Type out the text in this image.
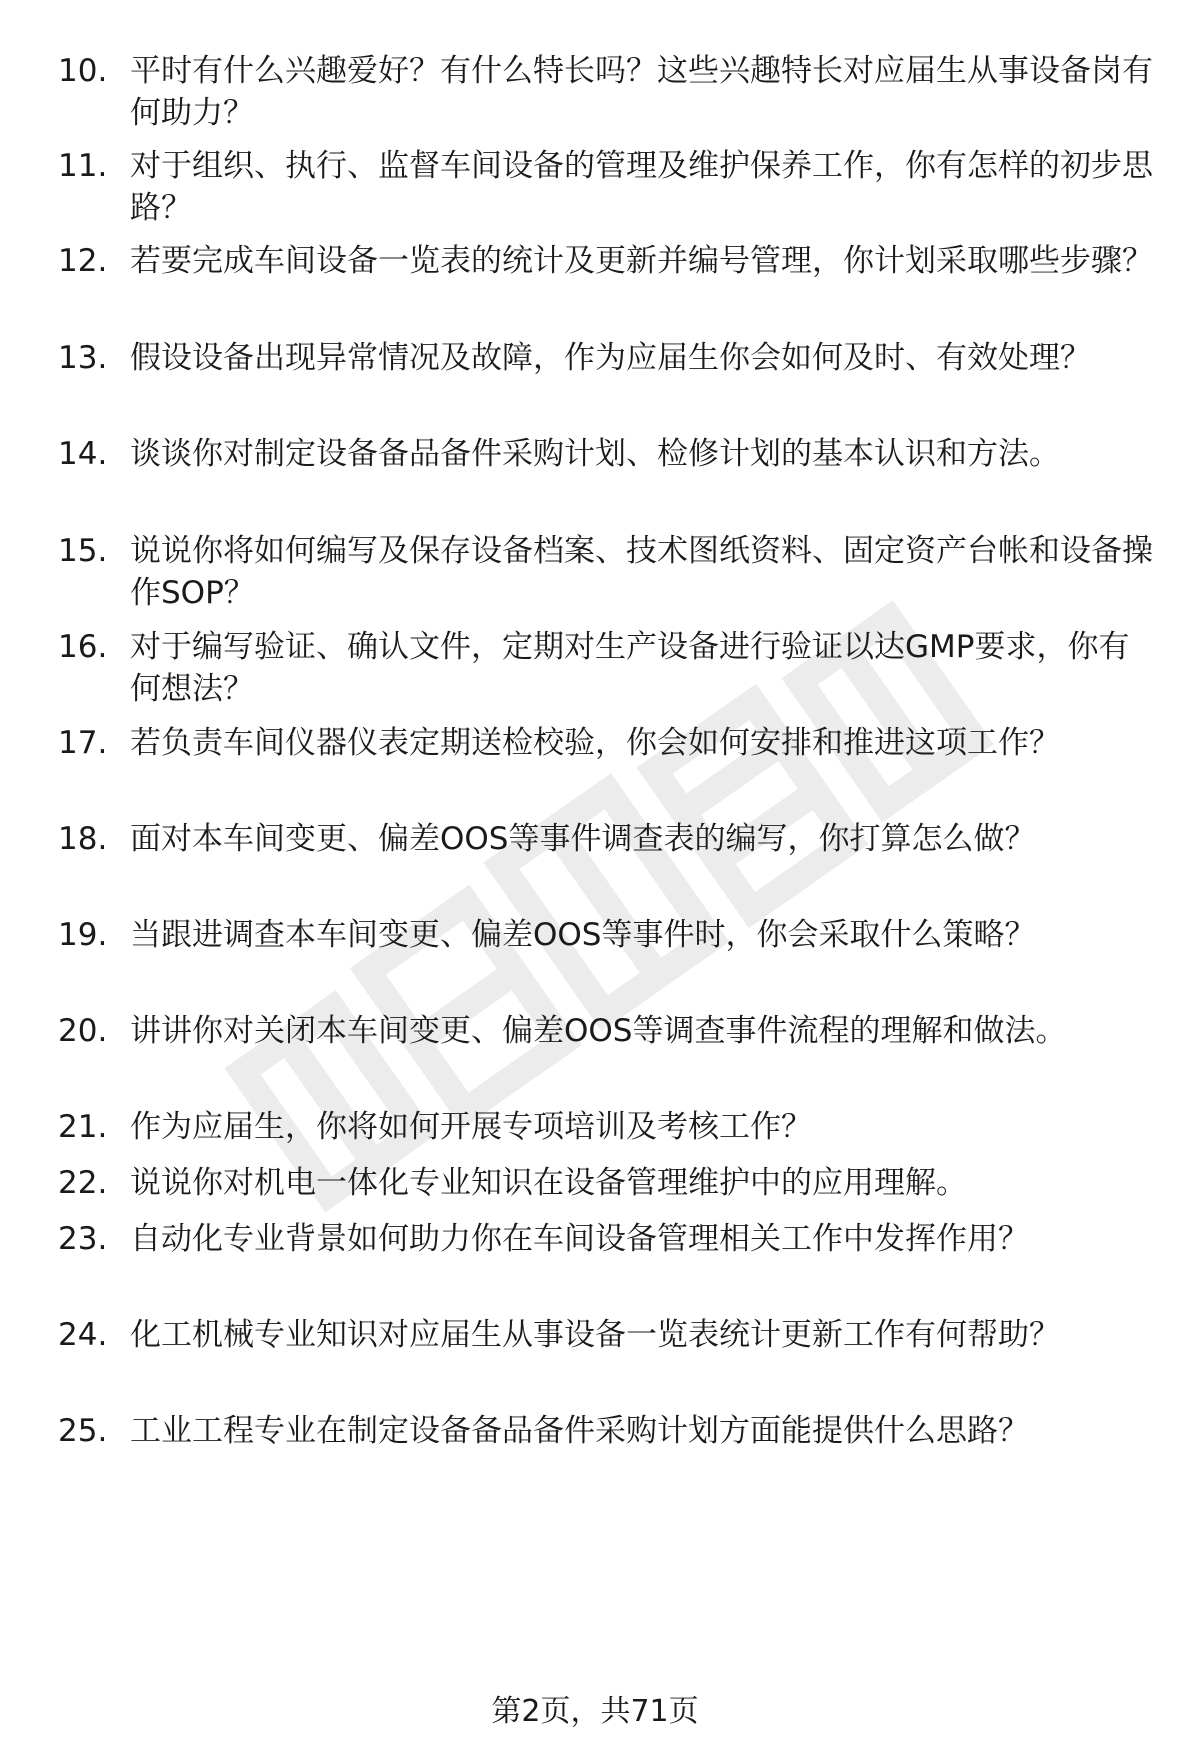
10. 平时有什么兴趣爱好？有什么特长吗？这些兴趣特长对应届生从事设备岗有何助力？
11. 对于组织、执行、监督车间设备的管理及维护保养工作，你有怎样的初步思路？
12. 若要完成车间设备一览表的统计及更新并编号管理，你计划采取哪些步骤？
13. 假设设备出现异常情况及故障，作为应届生你会如何及时、有效处理？
14. 谈谈你对制定设备备品备件采购计划、检修计划的基本认识和方法。
15. 说说你将如何编写及保存设备档案、技术图纸资料、固定资产台帐和设备操作SOP？
16. 对于编写验证、确认文件，定期对生产设备进行验证以达GMP要求，你有何想法？
17. 若负责车间仪器仪表定期送检校验，你会如何安排和推进这项工作？
18. 面对本车间变更、偏差OOS等事件调查表的编写，你打算怎么做？
19. 当跟进调查本车间变更、偏差OOS等事件时，你会采取什么策略？
20. 讲讲你对关闭本车间变更、偏差OOS等调查事件流程的理解和做法。
21. 作为应届生，你将如何开展专项培训及考核工作？
22. 说说你对机电一体化专业知识在设备管理维护中的应用理解。
23. 自动化专业背景如何助力你在车间设备管理相关工作中发挥作用？
24. 化工机械专业知识对应届生从事设备一览表统计更新工作有何帮助？
25. 工业工程专业在制定设备备品备件采购计划方面能提供什么思路？
第2页，共71页
